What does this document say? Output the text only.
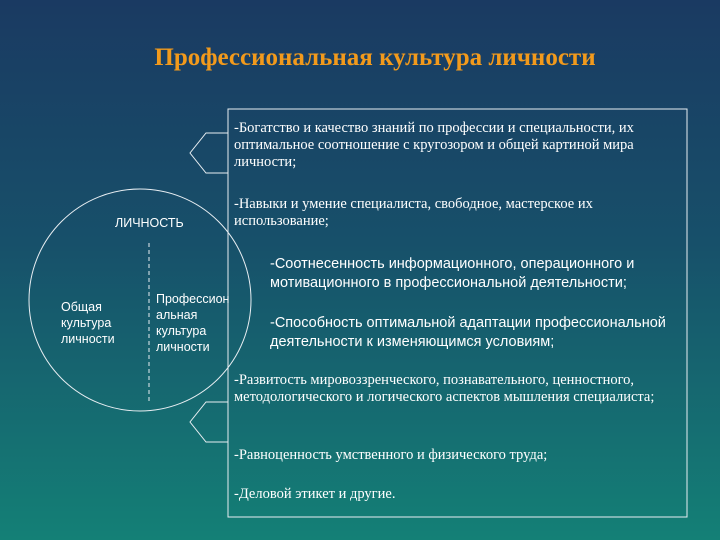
Профессиональная культура личности
ЛИЧНОСТЬ
Общая культура личности
Профессион альная культура личности
-Богатство и качество знаний по профессии и специальности, их оптимальное соотношение с кругозором и общей картиной мира личности;
-Навыки и умение специалиста, свободное, мастерское их использование;
-Соотнесенность информационного, операционного и мотивационного в профессиональной деятельности;
-Способность оптимальной адаптации профессиональной деятельности к изменяющимся условиям;
-Развитость мировоззренческого, познавательного, ценностного, методологического и логического аспектов мышления специалиста;
-Равноценность умственного и физического труда;
-Деловой этикет и другие.
